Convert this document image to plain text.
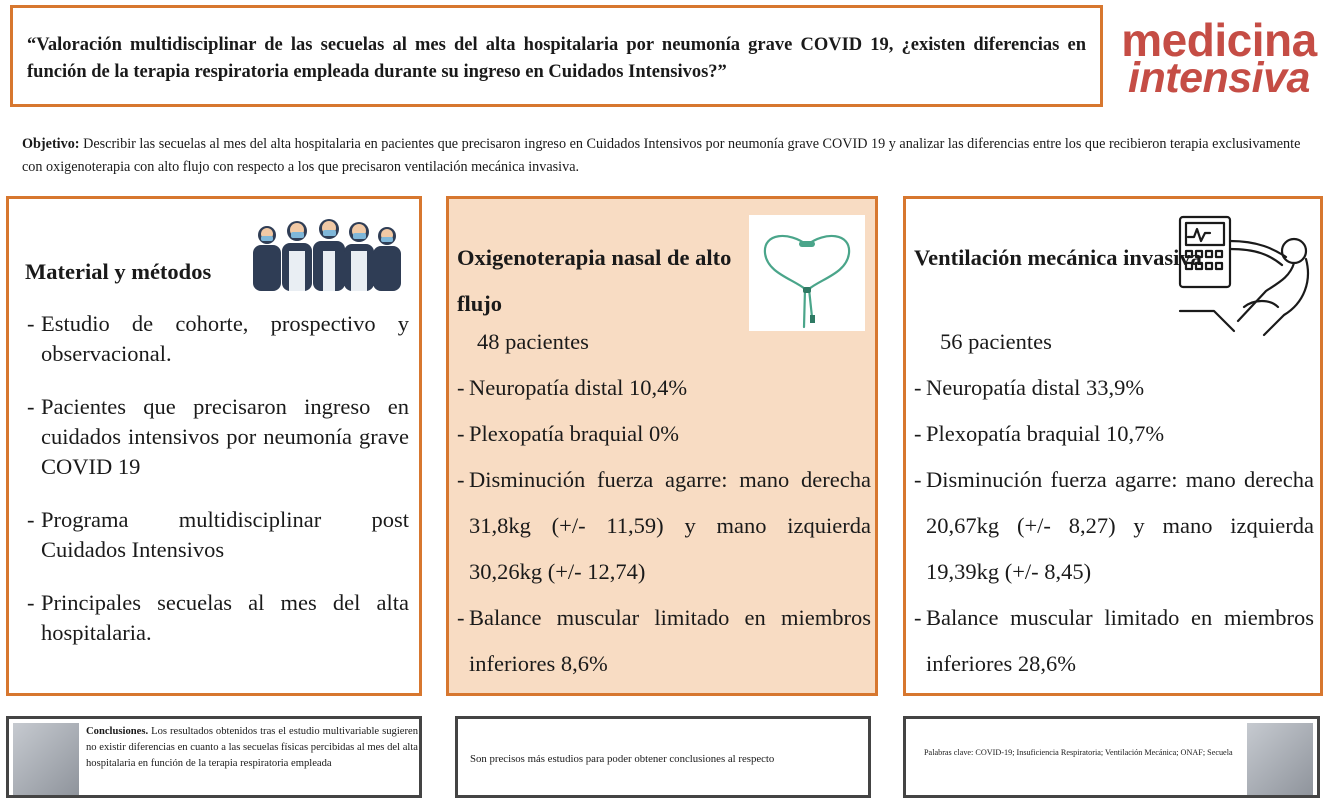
“Valoración multidisciplinar de las secuelas al mes del alta hospitalaria por neumonía grave COVID 19, ¿existen diferencias en función de la terapia respiratoria empleada durante su ingreso en Cuidados Intensivos?”

medicina
intensiva

Objetivo: Describir las secuelas al mes del alta hospitalaria en pacientes que precisaron ingreso en Cuidados Intensivos por neumonía grave COVID 19 y analizar las diferencias entre los que recibieron terapia exclusivamente con oxigenoterapia con alto flujo con respecto a los que precisaron ventilación mecánica invasiva.

Material y métodos
- Estudio de cohorte, prospectivo y observacional.
- Pacientes que precisaron ingreso en cuidados intensivos por neumonía grave COVID 19
- Programa multidisciplinar post Cuidados Intensivos
- Principales secuelas al mes del alta hospitalaria.
Oxigenoterapia nasal de alto flujo
48 pacientes
- Neuropatía distal 10,4%
- Plexopatía braquial 0%
- Disminución fuerza agarre: mano derecha 31,8kg (+/- 11,59) y mano izquierda 30,26kg (+/- 12,74)
- Balance muscular limitado en miembros inferiores 8,6%
Ventilación mecánica invasiva
56 pacientes
- Neuropatía distal 33,9%
- Plexopatía braquial 10,7%
- Disminución fuerza agarre: mano derecha 20,67kg (+/- 8,27) y mano izquierda 19,39kg (+/- 8,45)
- Balance muscular limitado en miembros inferiores 28,6%

Conclusiones. Los resultados obtenidos tras el estudio multivariable sugieren no existir diferencias en cuanto a las secuelas físicas percibidas al mes del alta hospitalaria en función de la terapia respiratoria empleada	Son precisos más estudios para poder obtener conclusiones al respecto

Palabras clave: COVID-19; Insuficiencia Respiratoria; Ventilación Mecánica; ONAF; Secuela
